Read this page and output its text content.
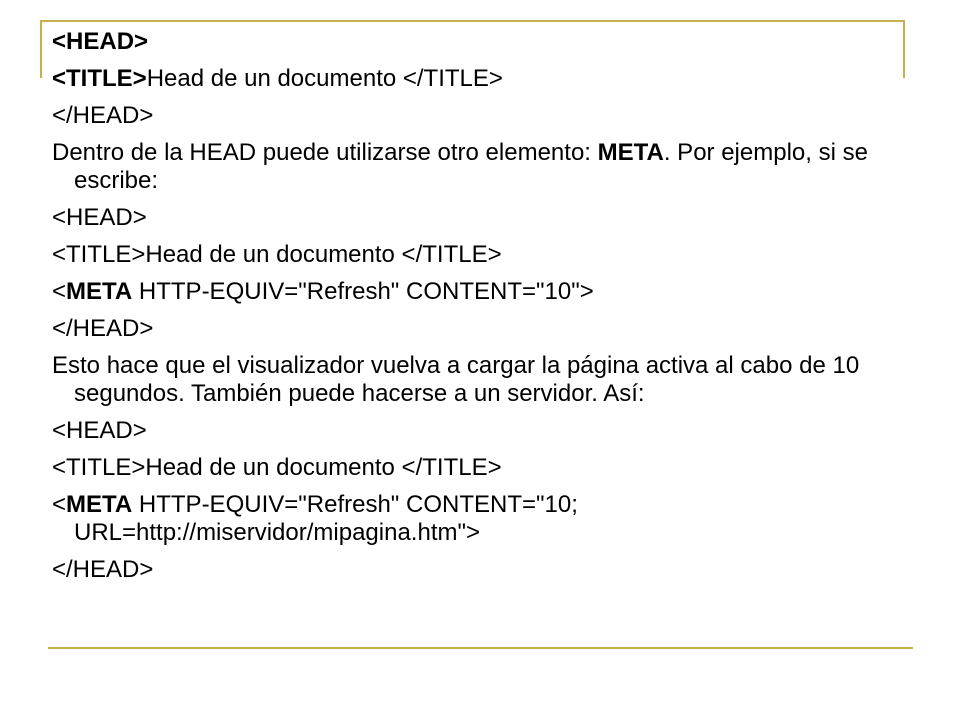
<HEAD>
<TITLE>Head de un documento </TITLE>
</HEAD>
Dentro de la HEAD puede utilizarse otro elemento: META. Por ejemplo, si se escribe:
<HEAD>
<TITLE>Head de un documento </TITLE>
<META HTTP-EQUIV="Refresh" CONTENT="10">
</HEAD>
Esto hace que el visualizador vuelva a cargar la página activa al cabo de 10 segundos. También puede hacerse a un servidor. Así:
<HEAD>
<TITLE>Head de un documento </TITLE>
<META HTTP-EQUIV="Refresh" CONTENT="10; URL=http://miservidor/mipagina.htm">
</HEAD>
